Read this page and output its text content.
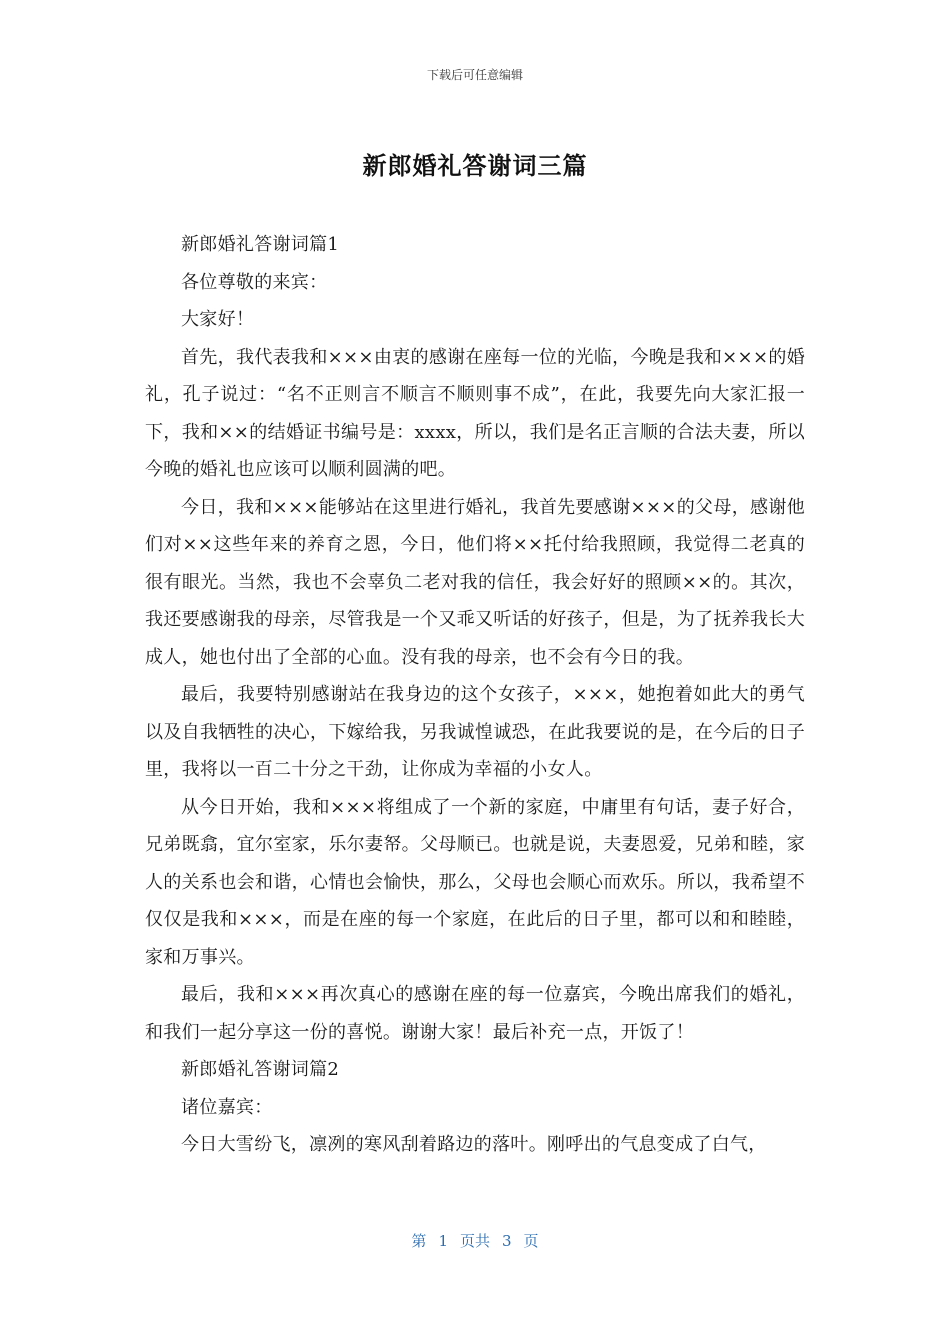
下载后可任意编辑
新郎婚礼答谢词三篇

新郎婚礼答谢词篇1

各位尊敬的来宾：

大家好！

首先，我代表我和×××由衷的感谢在座每一位的光临，今晚是我和×××的婚礼，孔子说过：“名不正则言不顺言不顺则事不成”，在此，我要先向大家汇报一下，我和××的结婚证书编号是：xxxx，所以，我们是名正言顺的合法夫妻，所以今晚的婚礼也应该可以顺利圆满的吧。

今日，我和×××能够站在这里进行婚礼，我首先要感谢×××的父母，感谢他们对××这些年来的养育之恩，今日，他们将××托付给我照顾，我觉得二老真的很有眼光。当然，我也不会辜负二老对我的信任，我会好好的照顾××的。其次，我还要感谢我的母亲，尽管我是一个又乖又听话的好孩子，但是，为了抚养我长大成人，她也付出了全部的心血。没有我的母亲，也不会有今日的我。

最后，我要特别感谢站在我身边的这个女孩子，×××，她抱着如此大的勇气以及自我牺牲的决心，下嫁给我，另我诚惶诚恐，在此我要说的是，在今后的日子里，我将以一百二十分之干劲，让你成为幸福的小女人。

从今日开始，我和×××将组成了一个新的家庭，中庸里有句话，妻子好合，兄弟既翕，宜尔室家，乐尔妻帑。父母顺已。也就是说，夫妻恩爱，兄弟和睦，家人的关系也会和谐，心情也会愉快，那么，父母也会顺心而欢乐。所以，我希望不仅仅是我和×××，而是在座的每一个家庭，在此后的日子里，都可以和和睦睦，家和万事兴。

最后，我和×××再次真心的感谢在座的每一位嘉宾，今晚出席我们的婚礼，和我们一起分享这一份的喜悦。谢谢大家！最后补充一点，开饭了！

新郎婚礼答谢词篇2

诸位嘉宾：

今日大雪纷飞，凛冽的寒风刮着路边的落叶。刚呼出的气息变成了白气，

第 1 页共 3 页
